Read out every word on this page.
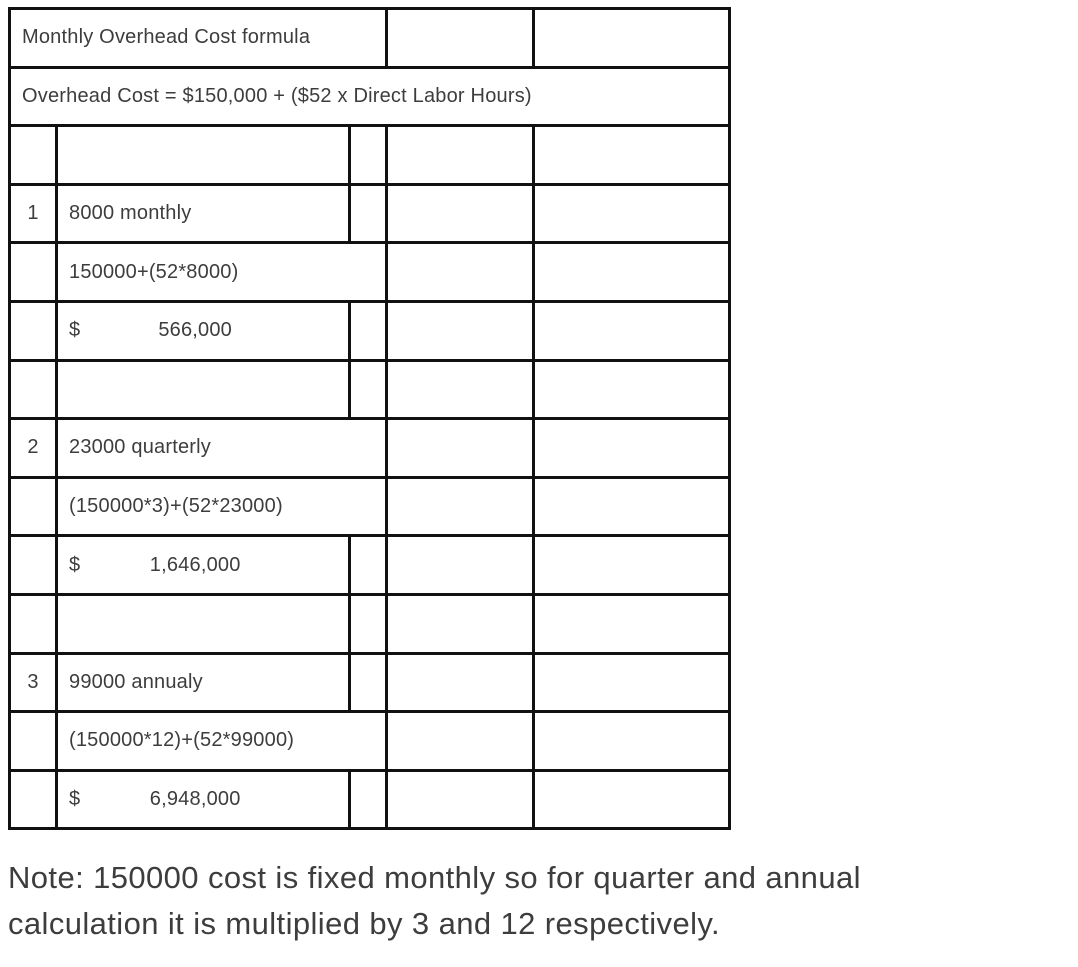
Monthly Overhead Cost formula
Overhead Cost = $150,000 + ($52 x Direct Labor Hours)
1	8000 monthly
150000+(52*8000)
$	566,000
2	23000 quarterly
(150000*3)+(52*23000)
$	1,646,000
3	99000 annualy
(150000*12)+(52*99000)
$	6,948,000
Note: 150000 cost is fixed monthly so for quarter and annual
calculation it is multiplied by 3 and 12 respectively.
